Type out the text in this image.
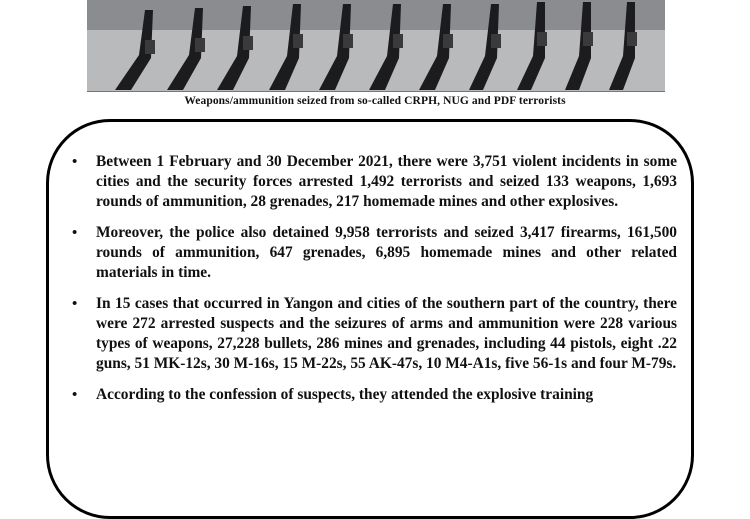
Weapons/ammunition seized from so-called CRPH, NUG and PDF terrorists
• Between 1 February and 30 December 2021, there were 3,751 violent incidents in some cities and the security forces arrested 1,492 terrorists and seized 133 weapons, 1,693 rounds of ammunition, 28 grenades, 217 homemade mines and other explosives.
• Moreover, the police also detained 9,958 terrorists and seized 3,417 firearms, 161,500 rounds of ammunition, 647 grenades, 6,895 homemade mines and other related materials in time.
• In 15 cases that occurred in Yangon and cities of the southern part of the country, there were 272 arrested suspects and the seizures of arms and ammunition were 228 various types of weapons, 27,228 bullets, 286 mines and grenades, including 44 pistols, eight .22 guns, 51 MK-12s, 30 M-16s, 15 M-22s, 55 AK-47s, 10 M4-A1s, five 56-1s and four M-79s.
• According to the confession of suspects, they attended the explosive training
